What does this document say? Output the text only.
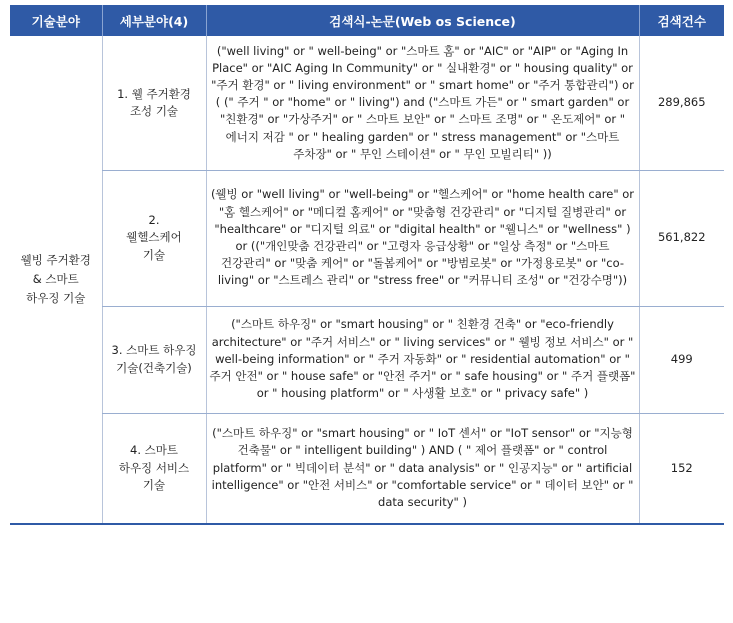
기술분야	세부분야(4)	검색식-논문(Web os Science)	검색건수
웰빙 주거환경 & 스마트 하우징 기술	1. 웰 주거환경 조성 기술	("well living" or " well-being" or "스마트 홈" or "AIC" or "AIP" or "Aging In Place" or "AIC Aging In Community" or " 실내환경" or " housing quality" or "주거 환경" or " living environment" or " smart home" or "주거 통합관리") or ( (" 주거 " or "home" or " living") and ("스마트 가든" or " smart garden" or "친환경" or "가상주거" or " 스마트 보안" or " 스마트 조명" or " 온도제어" or " 에너지 저감 " or " healing garden" or " stress management" or "스마트 주차장" or " 무인 스테이션" or " 무인 모빌리티" ))	289,865
	2. 웰헬스케어 기술	(웰빙 or "well living" or "well-being" or "헬스케어" or "home health care" or "홈 헬스케어" or "메디컬 홈케어" or "맞춤형 건강관리" or "디지털 질병관리" or "healthcare" or "디지털 의료" or "digital health" or "웰니스" or "wellness" ) or (("개인맞춤 건강관리" or "고령자 응급상황" or "일상 측정" or "스마트 건강관리" or "맞춤 케어" or "돌봄케어" or "방범로봇" or "가정용로봇" or "co-living" or "스트레스 관리" or "stress free" or "커뮤니티 조성" or "건강수명"))	561,822
	3. 스마트 하우징 기술(건축기술)	("스마트 하우징" or "smart housing" or " 친환경 건축" or "eco-friendly architecture" or "주거 서비스" or " living services" or " 웰빙 정보 서비스" or " well-being information" or " 주거 자동화" or " residential automation" or " 주거 안전" or " house safe" or "안전 주거" or " safe housing" or " 주거 플랫폼" or " housing platform" or " 사생활 보호" or " privacy safe" )	499
	4. 스마트 하우징 서비스 기술	("스마트 하우징" or "smart housing" or " IoT 센서" or "IoT sensor" or "지능형 건축물" or " intelligent building" ) AND ( " 제어 플랫폼" or " control platform" or " 빅데이터 분석" or " data analysis" or " 인공지능" or " artificial intelligence" or "안전 서비스" or "comfortable service" or " 데이터 보안" or " data security" )	152
